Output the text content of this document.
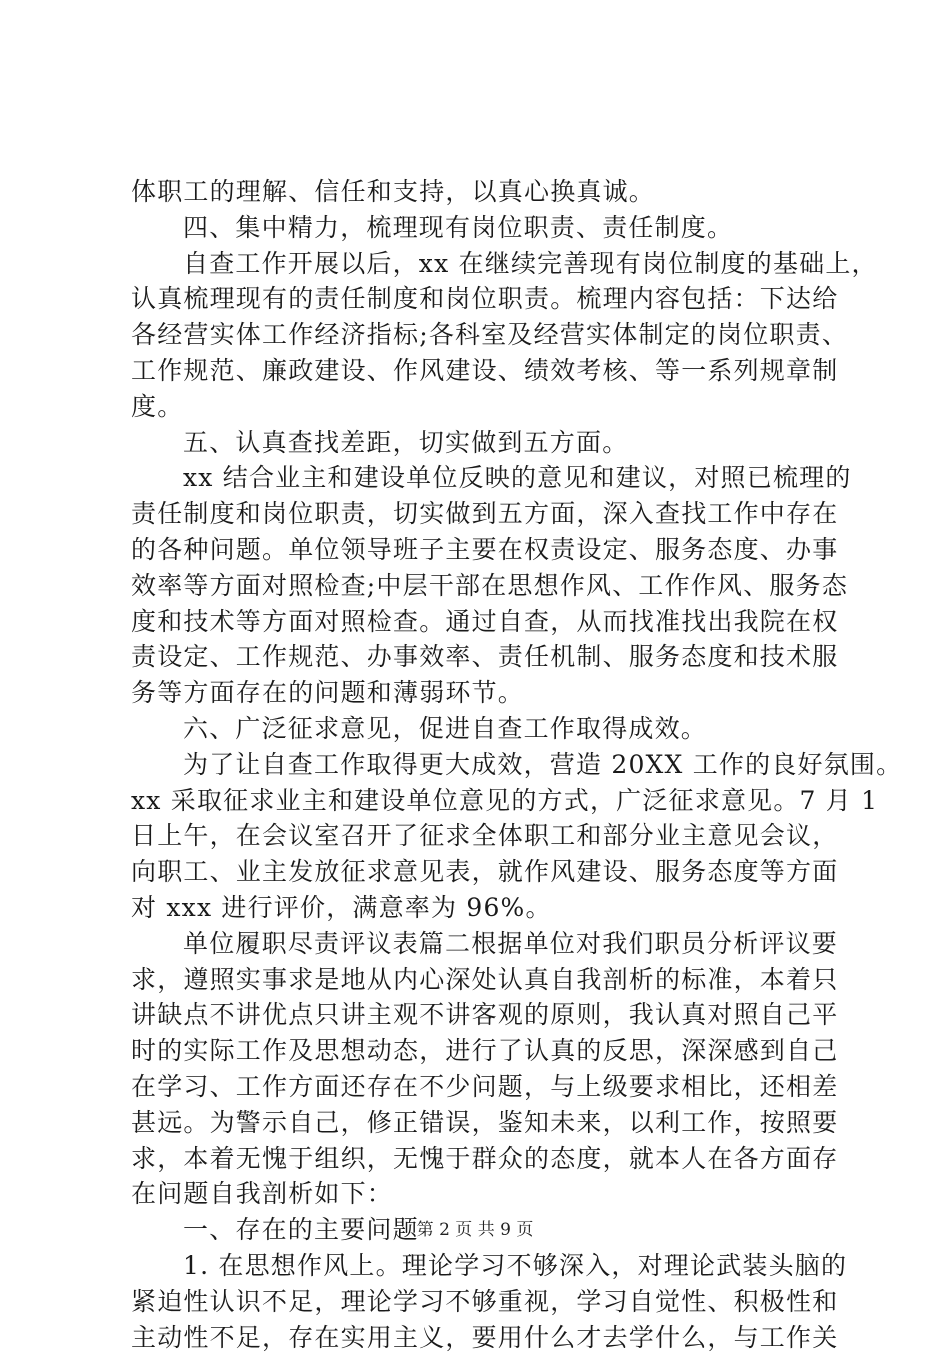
体职工的理解、信任和支持，以真心换真诚。
四、集中精力，梳理现有岗位职责、责任制度。
自查工作开展以后，xx 在继续完善现有岗位制度的基础上，
认真梳理现有的责任制度和岗位职责。梳理内容包括：下达给
各经营实体工作经济指标;各科室及经营实体制定的岗位职责、
工作规范、廉政建设、作风建设、绩效考核、等一系列规章制
度。
五、认真查找差距，切实做到五方面。
xx 结合业主和建设单位反映的意见和建议，对照已梳理的
责任制度和岗位职责，切实做到五方面，深入查找工作中存在
的各种问题。单位领导班子主要在权责设定、服务态度、办事
效率等方面对照检查;中层干部在思想作风、工作作风、服务态
度和技术等方面对照检查。通过自查，从而找准找出我院在权
责设定、工作规范、办事效率、责任机制、服务态度和技术服
务等方面存在的问题和薄弱环节。
六、广泛征求意见，促进自查工作取得成效。
为了让自查工作取得更大成效，营造 20XX 工作的良好氛围。
xx 采取征求业主和建设单位意见的方式，广泛征求意见。7 月 1
日上午，在会议室召开了征求全体职工和部分业主意见会议，
向职工、业主发放征求意见表，就作风建设、服务态度等方面
对 xxx 进行评价，满意率为 96%。
单位履职尽责评议表篇二根据单位对我们职员分析评议要
求，遵照实事求是地从内心深处认真自我剖析的标准，本着只
讲缺点不讲优点只讲主观不讲客观的原则，我认真对照自己平
时的实际工作及思想动态，进行了认真的反思，深深感到自己
在学习、工作方面还存在不少问题，与上级要求相比，还相差
甚远。为警示自己，修正错误，鉴知未来，以利工作，按照要
求，本着无愧于组织，无愧于群众的态度，就本人在各方面存
在问题自我剖析如下：
一、存在的主要问题
1. 在思想作风上。理论学习不够深入，对理论武装头脑的
紧迫性认识不足，理论学习不够重视，学习自觉性、积极性和
主动性不足，存在实用主义，要用什么才去学什么，与工作关
第 2 页 共 9 页
